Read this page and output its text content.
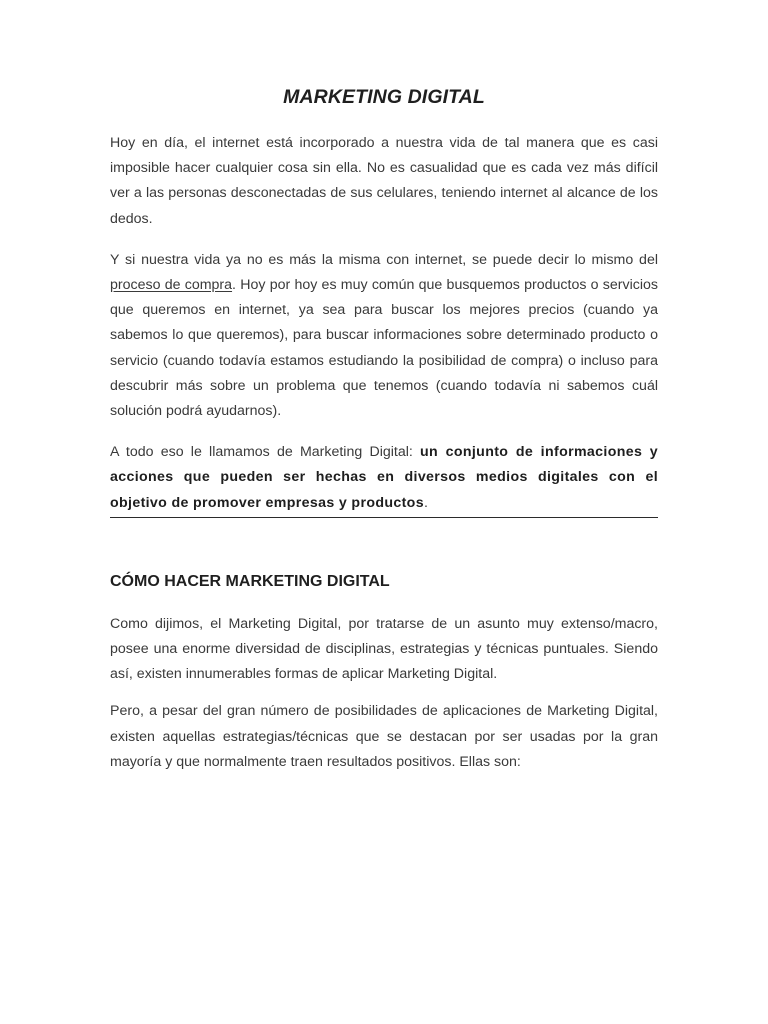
MARKETING DIGITAL

Hoy en día, el internet está incorporado a nuestra vida de tal manera que es casi imposible hacer cualquier cosa sin ella. No es casualidad que es cada vez más difícil ver a las personas desconectadas de sus celulares, teniendo internet al alcance de los dedos.

Y si nuestra vida ya no es más la misma con internet, se puede decir lo mismo del proceso de compra. Hoy por hoy es muy común que busquemos productos o servicios que queremos en internet, ya sea para buscar los mejores precios (cuando ya sabemos lo que queremos), para buscar informaciones sobre determinado producto o servicio (cuando todavía estamos estudiando la posibilidad de compra) o incluso para descubrir más sobre un problema que tenemos (cuando todavía ni sabemos cuál solución podrá ayudarnos).

A todo eso le llamamos de Marketing Digital: un conjunto de informaciones y acciones que pueden ser hechas en diversos medios digitales con el objetivo de promover empresas y productos.

CÓMO HACER MARKETING DIGITAL

Como dijimos, el Marketing Digital, por tratarse de un asunto muy extenso/macro, posee una enorme diversidad de disciplinas, estrategias y técnicas puntuales. Siendo así, existen innumerables formas de aplicar Marketing Digital.

Pero, a pesar del gran número de posibilidades de aplicaciones de Marketing Digital, existen aquellas estrategias/técnicas que se destacan por ser usadas por la gran mayoría y que normalmente traen resultados positivos. Ellas son:
